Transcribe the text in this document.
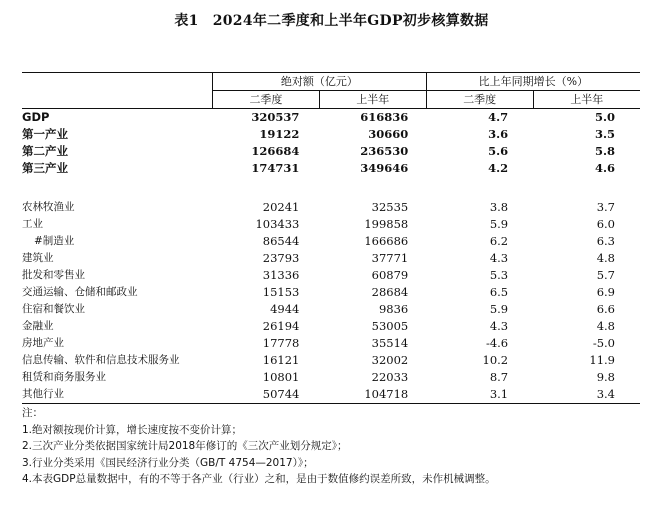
表1 2024年二季度和上半年GDP初步核算数据
	绝对额（亿元）		比上年同期增长（%）	
	二季度	上半年	二季度	上半年
GDP	320537	616836	4.7	5.0
第一产业	19122	30660	3.6	3.5
第二产业	126684	236530	5.6	5.8
第三产业	174731	349646	4.2	4.6

农林牧渔业	20241	32535	3.8	3.7
工业	103433	199858	5.9	6.0
#制造业	86544	166686	6.2	6.3
建筑业	23793	37771	4.3	4.8
批发和零售业	31336	60879	5.3	5.7
交通运输、仓储和邮政业	15153	28684	6.5	6.9
住宿和餐饮业	4944	9836	5.9	6.6
金融业	26194	53005	4.3	4.8
房地产业	17778	35514	-4.6	-5.0
信息传输、软件和信息技术服务业	16121	32002	10.2	11.9
租赁和商务服务业	10801	22033	8.7	9.8
其他行业	50744	104718	3.1	3.4
注：
1.绝对额按现价计算，增长速度按不变价计算；
2.三次产业分类依据国家统计局2018年修订的《三次产业划分规定》；
3.行业分类采用《国民经济行业分类（GB/T 4754—2017）》；
4.本表GDP总量数据中，有的不等于各产业（行业）之和，是由于数值修约误差所致，未作机械调整。
